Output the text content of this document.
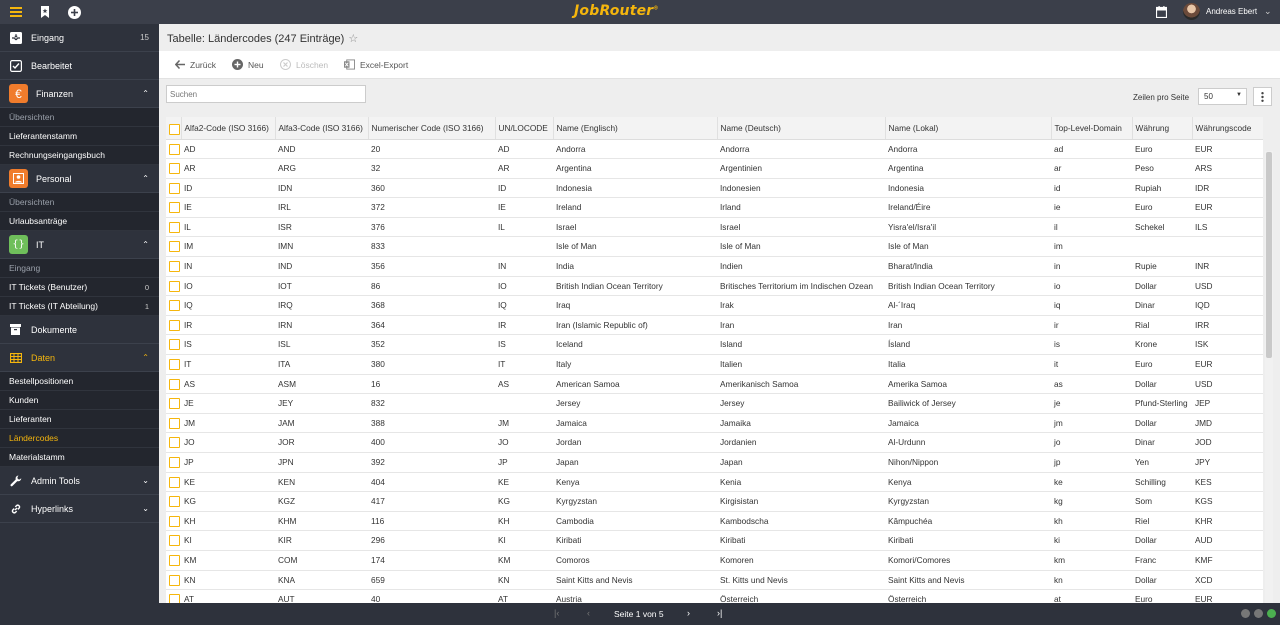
JobRouter®	Andreas Ebert ⌄
Eingang	15
Bearbeitet
€ Finanzen	⌃
Übersichten
Lieferantenstamm
Rechnungseingangsbuch
Personal	⌃
Übersichten
Urlaubsanträge
{} IT	⌃
Eingang
IT Tickets (Benutzer)	0
IT Tickets (IT Abteilung)	1
Dokumente
Daten	⌃
Bestellpositionen
Kunden
Lieferanten
Ländercodes
Materialstamm
Admin Tools	⌄
Hyperlinks	⌄
Tabelle: Ländercodes (247 Einträge) ☆
Zurück	Neu	Löschen	Excel-Export
Suchen
Zeilen pro Seite	50	▼
	Alfa2-Code (ISO 3166)	Alfa3-Code (ISO 3166)	Numerischer Code (ISO 3166)	UN/LOCODE	Name (Englisch)	Name (Deutsch)	Name (Lokal)	Top-Level-Domain	Währung	Währungscode

	AD	AND	20	AD	Andorra	Andorra	Andorra	ad	Euro	EUR

	AR	ARG	32	AR	Argentina	Argentinien	Argentina	ar	Peso	ARS

	ID	IDN	360	ID	Indonesia	Indonesien	Indonesia	id	Rupiah	IDR

	IE	IRL	372	IE	Ireland	Irland	Ireland/Éire	ie	Euro	EUR

	IL	ISR	376	IL	Israel	Israel	Yisra'el/Isra'il	il	Schekel	ILS

	IM	IMN	833		Isle of Man	Isle of Man	Isle of Man	im		

	IN	IND	356	IN	India	Indien	Bharat/India	in	Rupie	INR

	IO	IOT	86	IO	British Indian Ocean Territory	Britisches Territorium im Indischen Ozean	British Indian Ocean Territory	io	Dollar	USD

	IQ	IRQ	368	IQ	Iraq	Irak	Al-´Iraq	iq	Dinar	IQD

	IR	IRN	364	IR	Iran (Islamic Republic of)	Iran	Iran	ir	Rial	IRR

	IS	ISL	352	IS	Iceland	Island	Ísland	is	Krone	ISK

	IT	ITA	380	IT	Italy	Italien	Italia	it	Euro	EUR

	AS	ASM	16	AS	American Samoa	Amerikanisch Samoa	Amerika Samoa	as	Dollar	USD

	JE	JEY	832		Jersey	Jersey	Bailiwick of Jersey	je	Pfund-Sterling	JEP

	JM	JAM	388	JM	Jamaica	Jamaika	Jamaica	jm	Dollar	JMD

	JO	JOR	400	JO	Jordan	Jordanien	Al-Urdunn	jo	Dinar	JOD

	JP	JPN	392	JP	Japan	Japan	Nihon/Nippon	jp	Yen	JPY

	KE	KEN	404	KE	Kenya	Kenia	Kenya	ke	Schilling	KES

	KG	KGZ	417	KG	Kyrgyzstan	Kirgisistan	Kyrgyzstan	kg	Som	KGS

	KH	KHM	116	KH	Cambodia	Kambodscha	Kâmpuchéa	kh	Riel	KHR

	KI	KIR	296	KI	Kiribati	Kiribati	Kiribati	ki	Dollar	AUD

	KM	COM	174	KM	Comoros	Komoren	Komori/Comores	km	Franc	KMF

	KN	KNA	659	KN	Saint Kitts and Nevis	St. Kitts und Nevis	Saint Kitts and Nevis	kn	Dollar	XCD

	AT	AUT	40	AT	Austria	Österreich	Österreich	at	Euro	EUR
|‹	‹	Seite 1 von 5	›	›|
